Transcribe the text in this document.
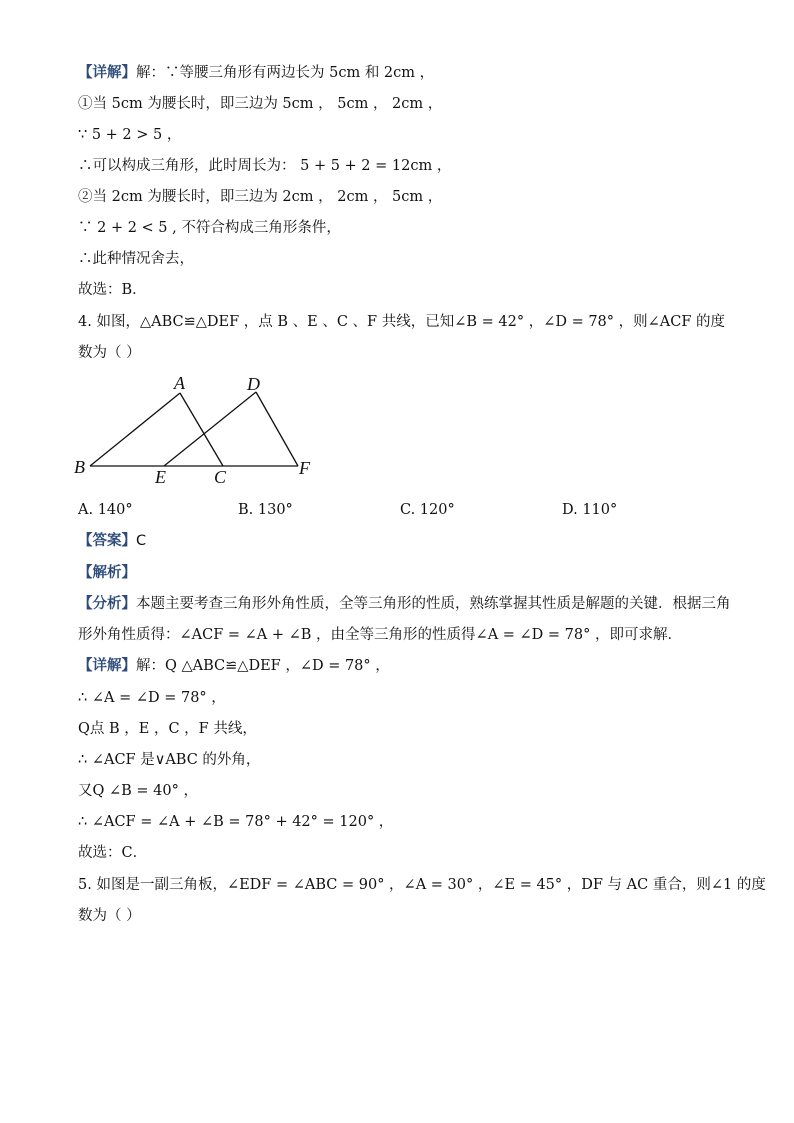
【详解】解：∵等腰三角形有两边长为 5cm 和 2cm ，
①当 5cm 为腰长时，即三边为 5cm ， 5cm ， 2cm ，
∵ 5 + 2 > 5 ，
∴可以构成三角形，此时周长为： 5 + 5 + 2 = 12cm ，
②当 2cm 为腰长时，即三边为 2cm ， 2cm ， 5cm ，
∵ 2 + 2 < 5 , 不符合构成三角形条件，
∴此种情况舍去，
故选：B．
4. 如图，△ABC≌△DEF ，点 B 、E 、C 、F 共线，已知∠B = 42° ，∠D = 78° ，则∠ACF 的度
数为（ ）
A	D
B	E	C	F
A. 140°	B. 130°	C. 120°	D. 110°
【答案】C
【解析】
【分析】本题主要考查三角形外角性质，全等三角形的性质，熟练掌握其性质是解题的关键．根据三角
形外角性质得：∠ACF = ∠A + ∠B ，由全等三角形的性质得∠A = ∠D = 78° ，即可求解．
【详解】解：Q △ABC≌△DEF ，∠D = 78° ，
∴ ∠A = ∠D = 78° ，
Q点 B ，E ，C ，F 共线，
∴ ∠ACF 是∨ABC 的外角，
又Q ∠B = 40° ，
∴ ∠ACF = ∠A + ∠B = 78° + 42° = 120° ，
故选：C．
5. 如图是一副三角板，∠EDF = ∠ABC = 90° ，∠A = 30° ，∠E = 45° ，DF 与 AC 重合，则∠1 的度
数为（ ）
